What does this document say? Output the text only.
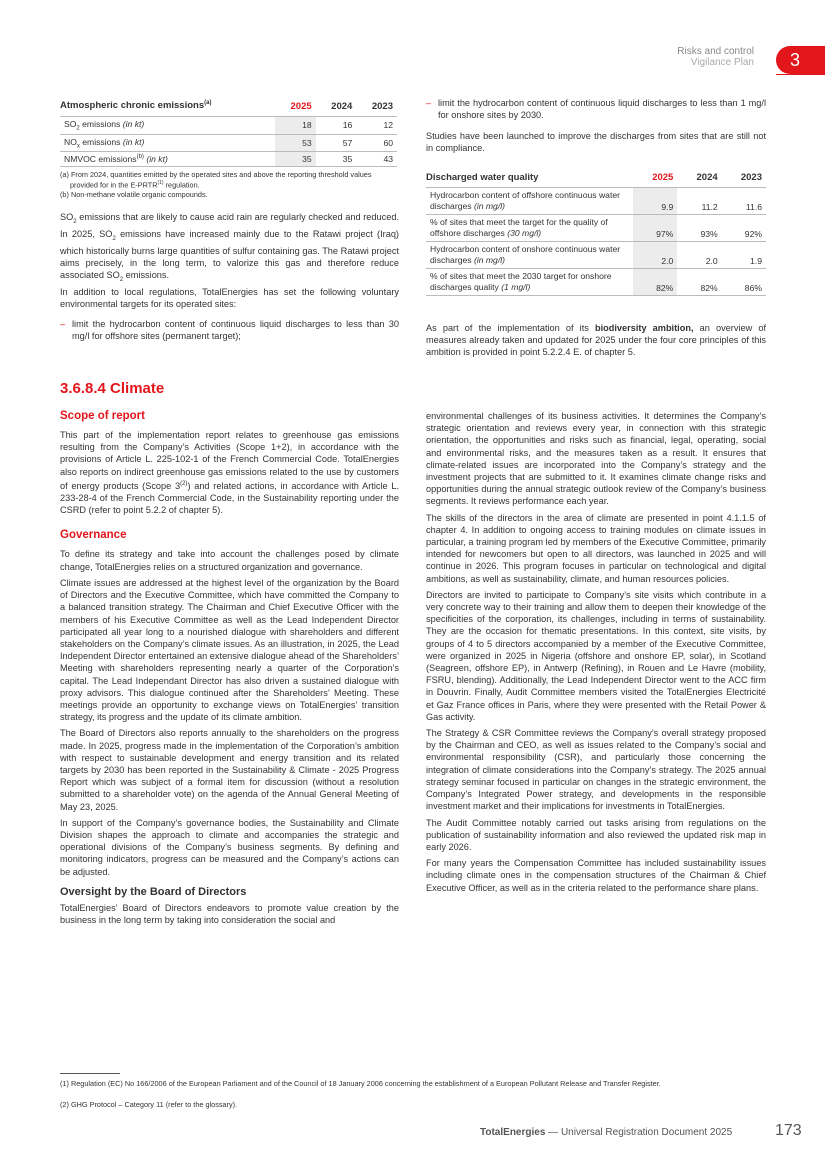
Risks and control
Vigilance Plan	3
Atmospheric chronic emissions$^{(a)}$	2025	2024	2023
$SO_2$ emissions (in kt)	18	16	12
$NO_x$ emissions (in kt)	53	57	60
NMVOC emissions$^{(b)}$ (in kt)	35	35	43
(a) From 2024, quantities emitted by the operated sites and above the reporting threshold values provided for in the E-PRTR$^{(1)}$ regulation.
(b) Non-methane volatile organic compounds.
$SO_2$ emissions that are likely to cause acid rain are regularly checked and reduced. In 2025, $SO_2$ emissions have increased mainly due to the Ratawi project (Iraq) which historically burns large quantities of sulfur containing gas. The Ratawi project aims precisely, in the long term, to valorize this gas and therefore reduce associated $SO_2$ emissions.
In addition to local regulations, TotalEnergies has set the following voluntary environmental targets for its operated sites:
– limit the hydrocarbon content of continuous liquid discharges to less than 30 mg/l for offshore sites (permanent target);
– limit the hydrocarbon content of continuous liquid discharges to less than 1 mg/l for onshore sites by 2030.
Studies have been launched to improve the discharges from sites that are still not in compliance.
Discharged water quality	2025	2024	2023
Hydrocarbon content of offshore continuous water discharges (in mg/l)	9.9	11.2	11.6
% of sites that meet the target for the quality of offshore discharges (30 mg/l)	97%	93%	92%
Hydrocarbon content of onshore continuous water discharges (in mg/l)	2.0	2.0	1.9
% of sites that meet the 2030 target for onshore discharges quality (1 mg/l)	82%	82%	86%
As part of the implementation of its biodiversity ambition, an overview of measures already taken and updated for 2025 under the four core principles of this ambition is provided in point 5.2.2.4 E. of chapter 5.
3.6.8.4 Climate
Scope of report

This part of the implementation report relates to greenhouse gas emissions resulting from the Company’s Activities (Scope 1+2), in accordance with the provisions of Article L. 225-102-1 of the French Commercial Code. TotalEnergies also reports on indirect greenhouse gas emissions related to the use by customers of energy products (Scope 3$^{(2)}$) and related actions, in accordance with Article L. 233-28-4 of the French Commercial Code, in the Sustainability reporting under the CSRD (refer to point 5.2.2 of chapter 5).

Governance

To define its strategy and take into account the challenges posed by climate change, TotalEnergies relies on a structured organization and governance.

Climate issues are addressed at the highest level of the organization by the Board of Directors and the Executive Committee, which have committed the Company to a balanced transition strategy. The Chairman and Chief Executive Officer with the members of his Executive Committee as well as the Lead Independent Director participated all year long to a nourished dialogue with shareholders and different stakeholders on the Company’s climate issues. As an illustration, in 2025, the Lead Independent Director entertained an extensive dialogue ahead of the Shareholders’ Meeting with shareholders representing nearly a quarter of the Corporation’s capital. The Lead Independant Director has also driven a sustained dialogue with proxy advisors. This dialogue continued after the Shareholders’ Meeting. These meetings provide an opportunity to exchange views on TotalEnergies’ transition strategy, its progress and the update of its climate ambition.

The Board of Directors also reports annually to the shareholders on the progress made. In 2025, progress made in the implementation of the Corporation’s ambition with respect to sustainable development and energy transition and its related targets by 2030 has been reported in the Sustainability & Climate - 2025 Progress Report which was subject of a formal item for discussion (without a resolution submitted to a shareholder vote) on the agenda of the Annual General Meeting of May 23, 2025.

In support of the Company’s governance bodies, the Sustainability and Climate Division shapes the approach to climate and accompanies the strategic and operational divisions of the Company’s business segments. By defining and monitoring indicators, progress can be measured and the Company’s actions can be adjusted.

Oversight by the Board of Directors

TotalEnergies’ Board of Directors endeavors to promote value creation by the business in the long term by taking into consideration the social and

environmental challenges of its business activities. It determines the Company’s strategic orientation and reviews every year, in connection with this strategic orientation, the opportunities and risks such as financial, legal, operating, social and environmental risks, and the measures taken as a result. It ensures that climate-related issues are incorporated into the Company’s strategy and the investment projects that are submitted to it. It examines climate change risks and opportunities during the annual strategic outlook review of the Company’s business segments. It reviews performance each year.

The skills of the directors in the area of climate are presented in point 4.1.1.5 of chapter 4. In addition to ongoing access to training modules on climate issues in particular, a training program led by members of the Executive Committee, primarily intended for newcomers but open to all directors, was launched in 2025 and will continue in 2026. This program focuses in particular on technological and digital ambitions, as well as sustainability, climate, and human resources policies.

Directors are invited to participate to Company’s site visits which contribute in a very concrete way to their training and allow them to deepen their knowledge of the specificities of the corporation, its challenges, including in terms of sustainability. They are the occasion for thematic presentations. In this context, site visits, by groups of 4 to 5 directors accompanied by a member of the Executive Committee, were organized in 2025 in Nigeria (offshore and onshore EP, solar), in Scotland (Seagreen, offshore EP), in Antwerp (Refining), in Rouen and Le Havre (mobility, FSRU, blending). Additionally, the Lead Independent Director went to the ACC firm in Douvrin. Finally, Audit Committee members visited the TotalEnergies Electricité et Gaz France offices in Paris, where they were presented with the Retail Power & Gas activity.

The Strategy & CSR Committee reviews the Company’s overall strategy proposed by the Chairman and CEO, as well as issues related to the Company’s social and environmental responsibility (CSR), and particularly those concerning the integration of climate considerations into the Company’s strategy. The 2025 annual strategy seminar focused in particular on changes in the strategic environment, the Company’s Integrated Power strategy, and developments in the responsible investment market and their implications for investments in TotalEnergies.

The Audit Committee notably carried out tasks arising from regulations on the publication of sustainability information and also reviewed the updated risk map in early 2026.

For many years the Compensation Committee has included sustainability issues including climate ones in the compensation structures of the Chairman & Chief Executive Officer, as well as in the criteria related to the performance share plans.

(1) Regulation (EC) No 166/2006 of the European Parliament and of the Council of 18 January 2006 concerning the establishment of a European Pollutant Release and Transfer Register.
(2) GHG Protocol – Category 11 (refer to the glossary).
TotalEnergies — Universal Registration Document 2025	173
